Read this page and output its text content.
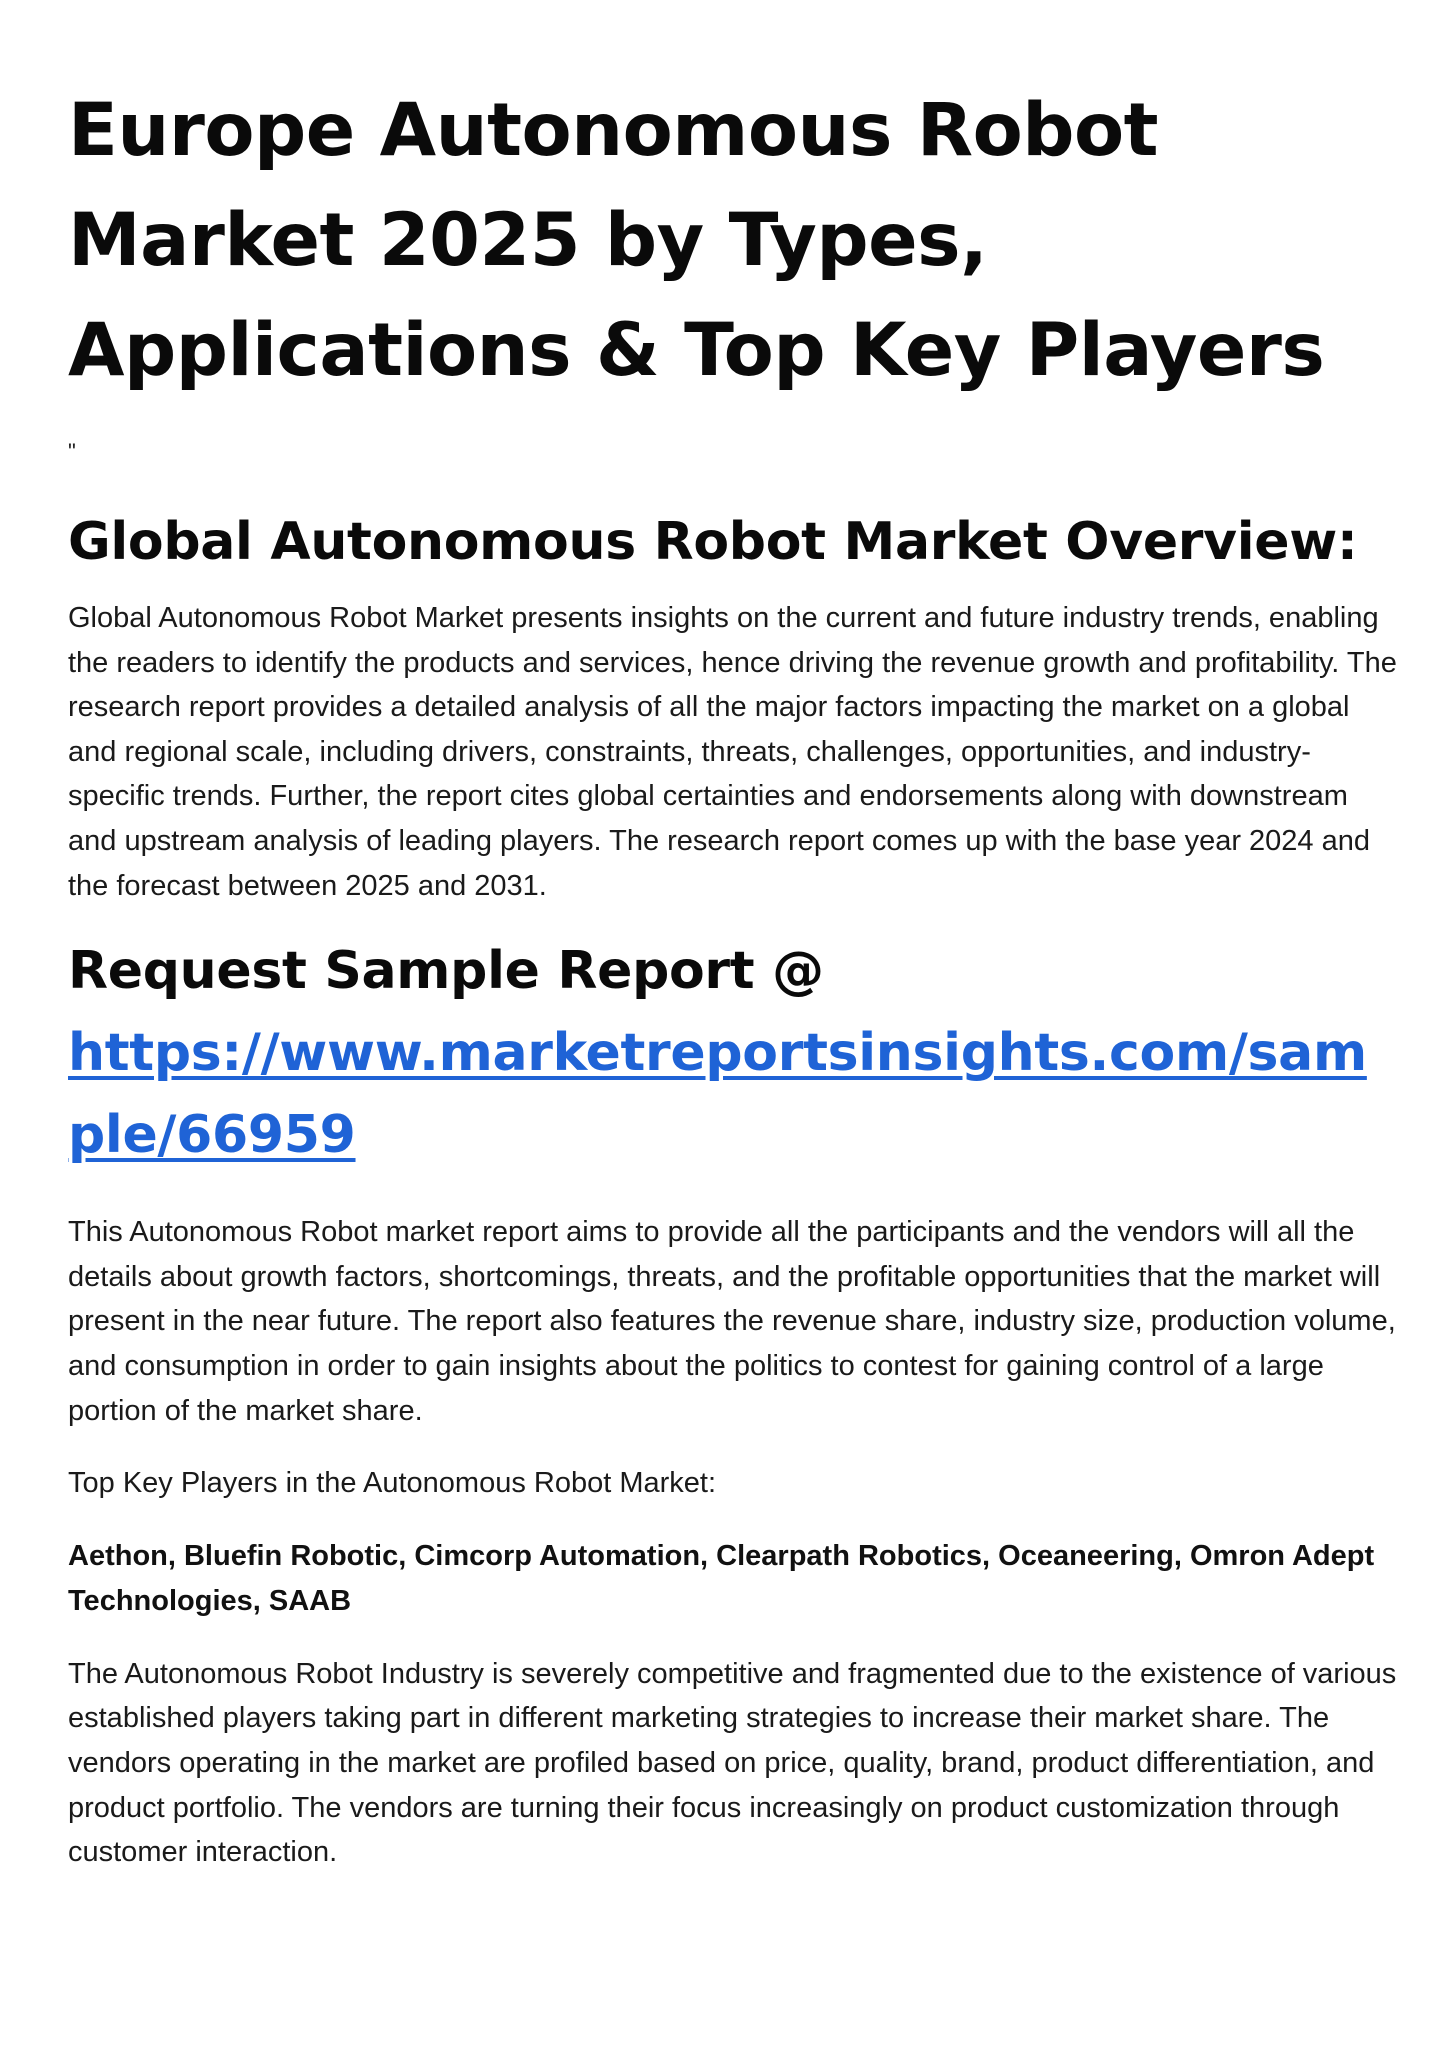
Europe Autonomous Robot Market 2025 by Types, Applications & Top Key Players
"
Global Autonomous Robot Market Overview:

Global Autonomous Robot Market presents insights on the current and future industry trends, enabling the readers to identify the products and services, hence driving the revenue growth and profitability. The research report provides a detailed analysis of all the major factors impacting the market on a global and regional scale, including drivers, constraints, threats, challenges, opportunities, and industry-specific trends. Further, the report cites global certainties and endorsements along with downstream and upstream analysis of leading players. The research report comes up with the base year 2024 and the forecast between 2025 and 2031.

Request Sample Report @
https://www.marketreportsinsights.com/sample/66959

This Autonomous Robot market report aims to provide all the participants and the vendors will all the details about growth factors, shortcomings, threats, and the profitable opportunities that the market will present in the near future. The report also features the revenue share, industry size, production volume, and consumption in order to gain insights about the politics to contest for gaining control of a large portion of the market share.

Top Key Players in the Autonomous Robot Market:

Aethon, Bluefin Robotic, Cimcorp Automation, Clearpath Robotics, Oceaneering, Omron Adept Technologies, SAAB

The Autonomous Robot Industry is severely competitive and fragmented due to the existence of various established players taking part in different marketing strategies to increase their market share. The vendors operating in the market are profiled based on price, quality, brand, product differentiation, and product portfolio. The vendors are turning their focus increasingly on product customization through customer interaction.
